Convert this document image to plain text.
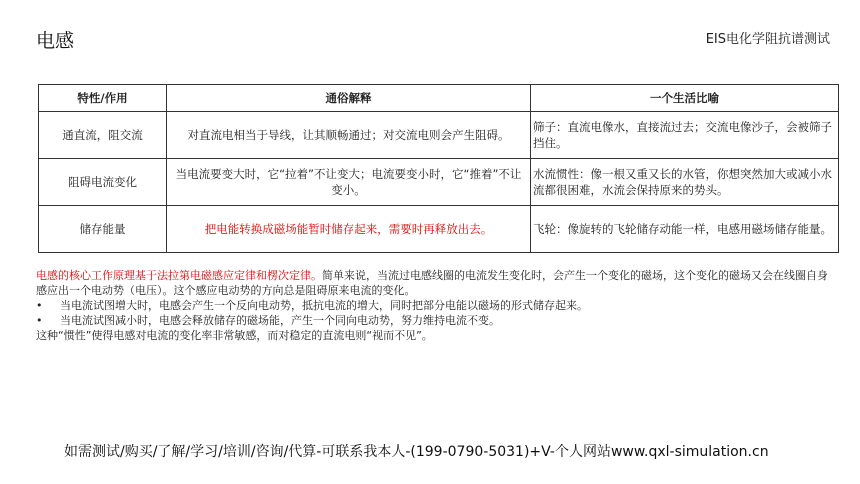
电感	EIS电化学阻抗谱测试
特性/作用	通俗解释	一个生活比喻
通直流，阻交流	对直流电相当于导线，让其顺畅通过；对交流电则会产生阻碍。	筛子：直流电像水，直接流过去；交流电像沙子，会被筛子挡住。
阻碍电流变化	当电流要变大时，它“拉着”不让变大；电流要变小时，它“推着”不让变小。	水流惯性：像一根又重又长的水管，你想突然加大或减小水流都很困难，水流会保持原来的势头。
储存能量	把电能转换成磁场能暂时储存起来，需要时再释放出去。	飞轮：像旋转的飞轮储存动能一样，电感用磁场储存能量。

电感的核心工作原理基于法拉第电磁感应定律和楞次定律。简单来说，当流过电感线圈的电流发生变化时，会产生一个变化的磁场，这个变化的磁场又会在线圈自身感应出一个电动势（电压）。这个感应电动势的方向总是阻碍原来电流的变化。

•	当电流试图增大时，电感会产生一个反向电动势，抵抗电流的增大，同时把部分电能以磁场的形式储存起来。
•	当电流试图减小时，电感会释放储存的磁场能，产生一个同向电动势，努力维持电流不变。

这种“惯性”使得电感对电流的变化率非常敏感，而对稳定的直流电则“视而不见”。

如需测试/购买/了解/学习/培训/咨询/代算-可联系我本人-(199-0790-5031)+V-个人网站www.qxl-simulation.cn
